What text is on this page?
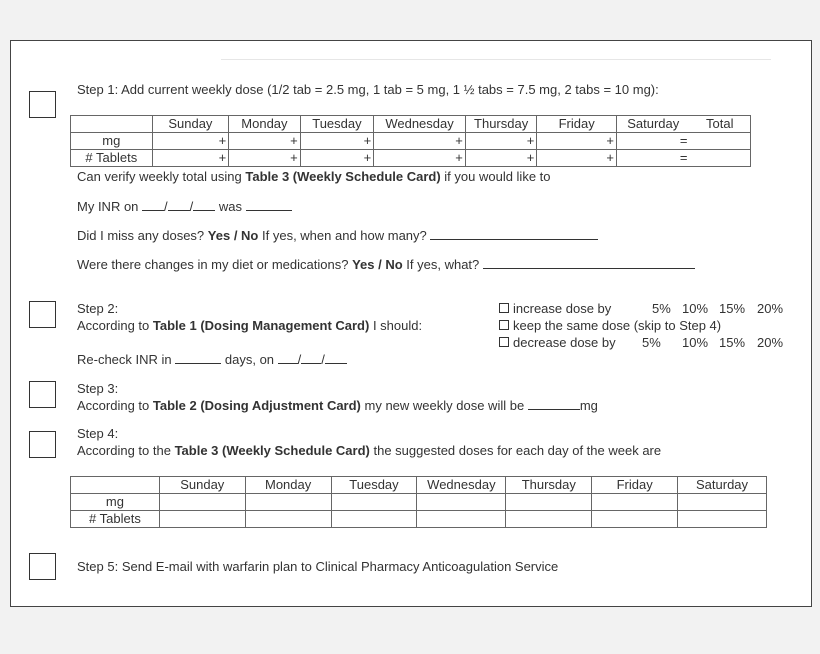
Step 1: Add current weekly dose (1/2 tab = 2.5 mg, 1 tab = 5 mg, 1 ½ tabs = 7.5 mg, 2 tabs = 10 mg):
	Sunday	Monday	Tuesday	Wednesday	Thursday	Friday	Saturday	Total
mg	+	+	+	+	+	+	=	
# Tablets	+	+	+	+	+	+	=	
Can verify weekly total using Table 3 (Weekly Schedule Card) if you would like to
My INR on / / was
Did I miss any doses? Yes / No If yes, when and how many?
Were there changes in my diet or medications? Yes / No If yes, what?
Step 2:
According to Table 1 (Dosing Management Card) I should:
increase dose by	5% 10% 15% 20%
keep the same dose (skip to Step 4)
decrease dose by 5% 10% 15% 20%
Re-check INR in	days, on / /
Step 3:
According to Table 2 (Dosing Adjustment Card) my new weekly dose will be	mg
Step 4:
According to the Table 3 (Weekly Schedule Card) the suggested doses for each day of the week are
	Sunday	Monday	Tuesday	Wednesday	Thursday	Friday	Saturday
mg							
# Tablets							
Step 5: Send E-mail with warfarin plan to Clinical Pharmacy Anticoagulation Service
